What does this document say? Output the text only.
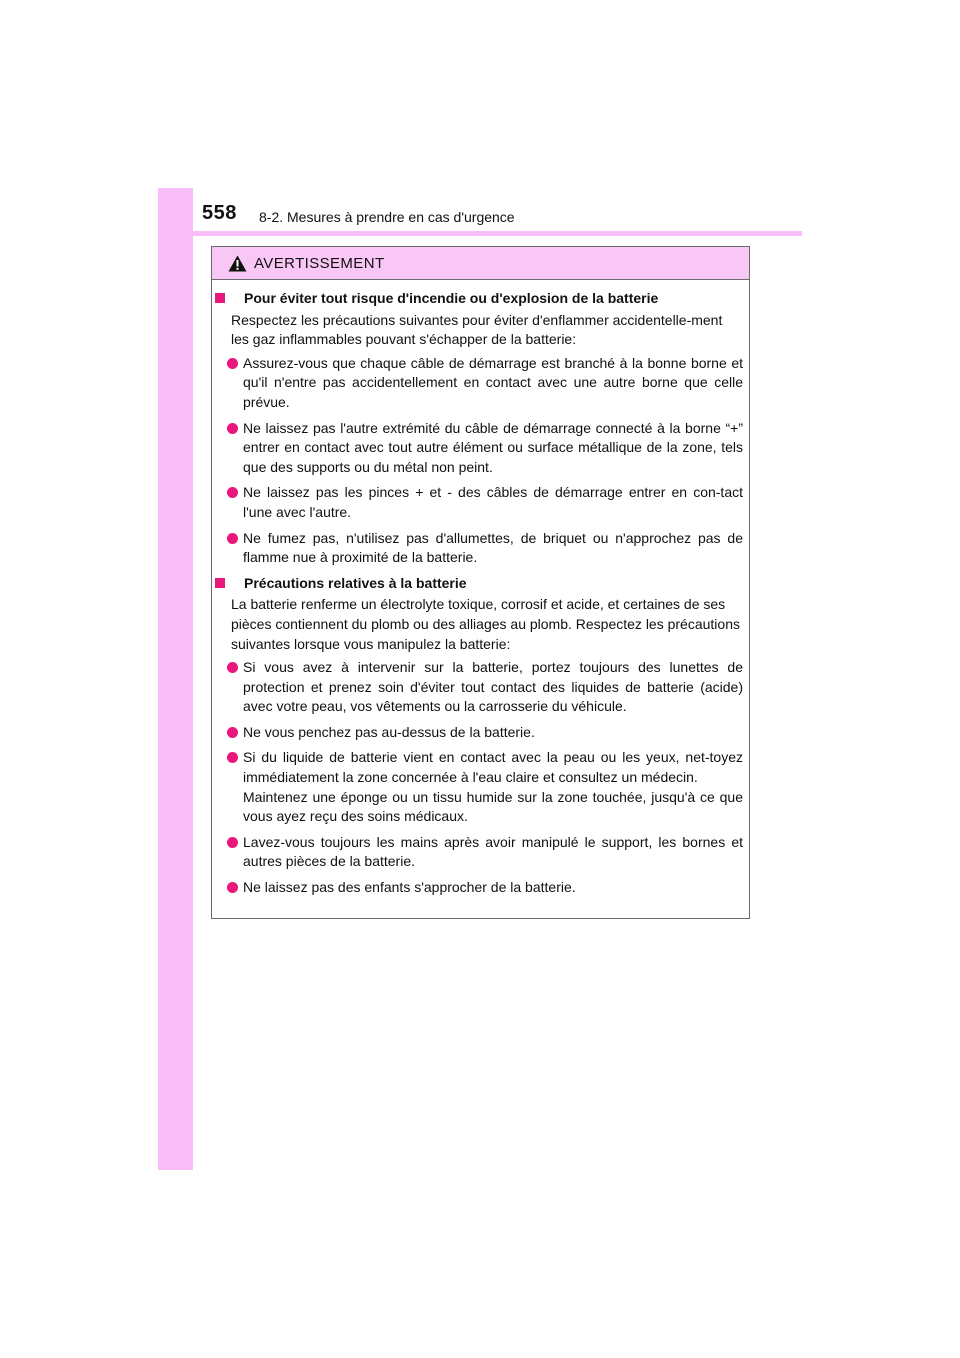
558 8-2. Mesures à prendre en cas d'urgence
AVERTISSEMENT
Pour éviter tout risque d'incendie ou d'explosion de la batterie
Respectez les précautions suivantes pour éviter d'enflammer accidentelle-ment les gaz inflammables pouvant s'échapper de la batterie:
Assurez-vous que chaque câble de démarrage est branché à la bonne borne et qu'il n'entre pas accidentellement en contact avec une autre borne que celle prévue.
Ne laissez pas l'autre extrémité du câble de démarrage connecté à la borne “+” entrer en contact avec tout autre élément ou surface métallique de la zone, tels que des supports ou du métal non peint.
Ne laissez pas les pinces + et - des câbles de démarrage entrer en con-tact l'une avec l'autre.
Ne fumez pas, n'utilisez pas d'allumettes, de briquet ou n'approchez pas de flamme nue à proximité de la batterie.
Précautions relatives à la batterie
La batterie renferme un électrolyte toxique, corrosif et acide, et certaines de ses pièces contiennent du plomb ou des alliages au plomb. Respectez les précautions suivantes lorsque vous manipulez la batterie:
Si vous avez à intervenir sur la batterie, portez toujours des lunettes de protection et prenez soin d'éviter tout contact des liquides de batterie (acide) avec votre peau, vos vêtements ou la carrosserie du véhicule.
Ne vous penchez pas au-dessus de la batterie.
Si du liquide de batterie vient en contact avec la peau ou les yeux, net-toyez immédiatement la zone concernée à l'eau claire et consultez un médecin.
Maintenez une éponge ou un tissu humide sur la zone touchée, jusqu'à ce que vous ayez reçu des soins médicaux.
Lavez-vous toujours les mains après avoir manipulé le support, les bornes et autres pièces de la batterie.
Ne laissez pas des enfants s'approcher de la batterie.
